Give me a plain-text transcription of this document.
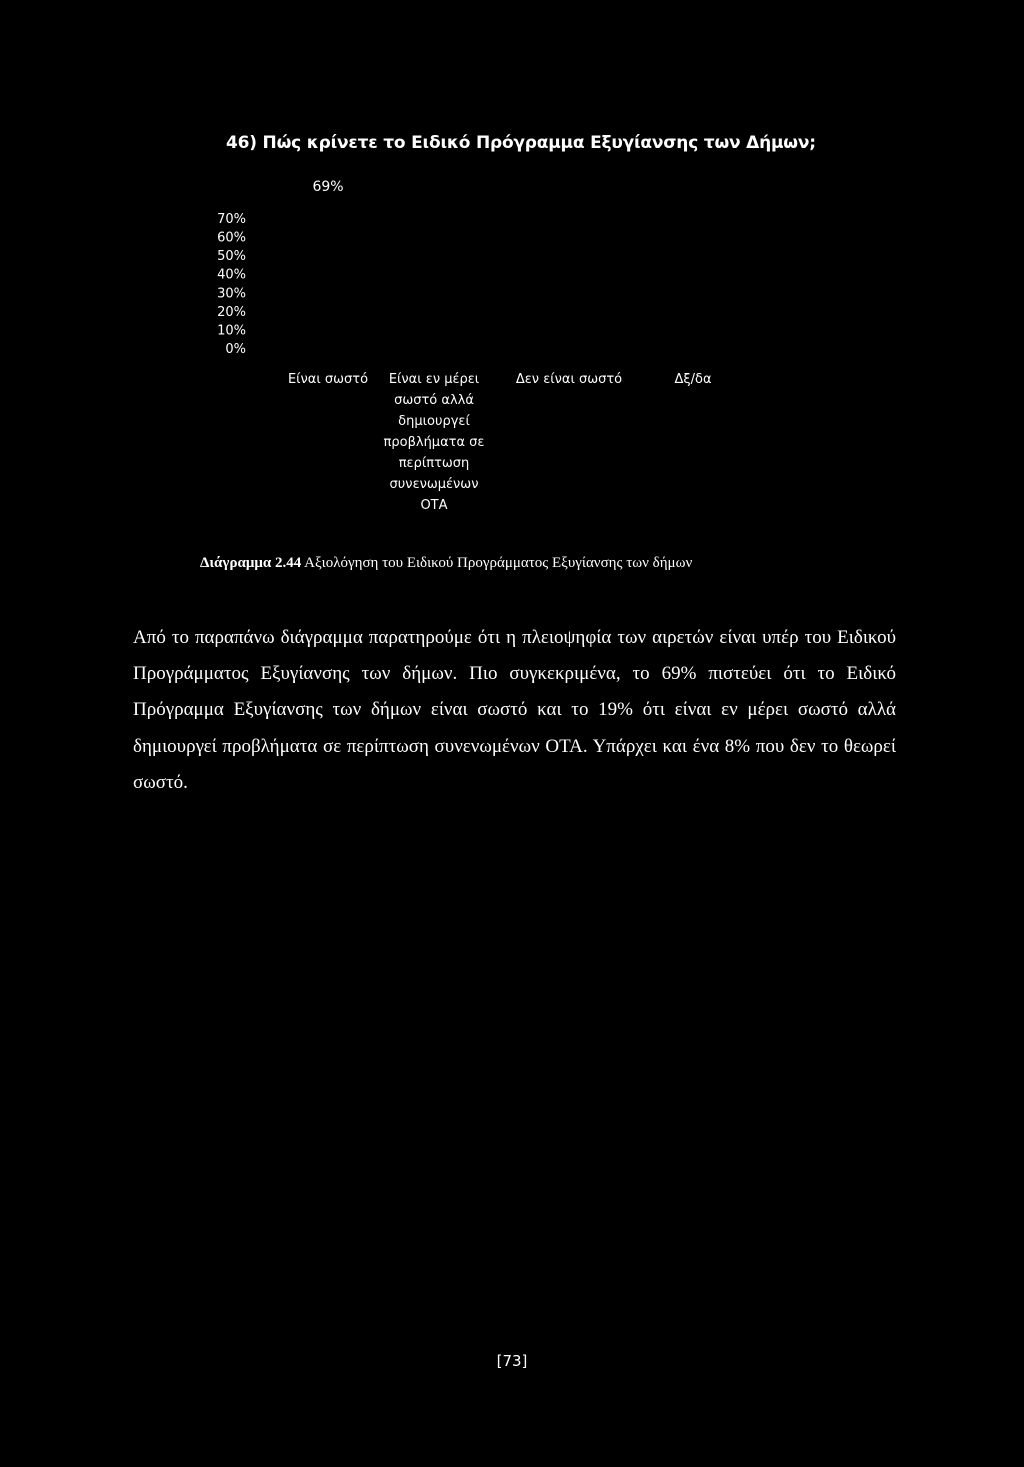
46) Πώς κρίνετε το Ειδικό Πρόγραμμα Εξυγίανσης των Δήμων;
70%
60%
50%
40%
30%
20%
10%
0%
69%
Είναι σωστό	Είναι εν μέρει σωστό αλλά δημιουργεί προβλήματα σε περίπτωση συνενωμένων ΟΤΑ
Δεν είναι σωστό	Δξ/δα
Διάγραμμα 2.44 Αξιολόγηση του Ειδικού Προγράμματος Εξυγίανσης των δήμων
Από το παραπάνω διάγραμμα παρατηρούμε ότι η πλειοψηφία των αιρετών είναι υπέρ του Ειδικού Προγράμματος Εξυγίανσης των δήμων. Πιο συγκεκριμένα, το 69% πιστεύει ότι το Ειδικό Πρόγραμμα Εξυγίανσης των δήμων είναι σωστό και το 19% ότι είναι εν μέρει σωστό αλλά δημιουργεί προβλήματα σε περίπτωση συνενωμένων ΟΤΑ. Υπάρχει και ένα 8% που δεν το θεωρεί σωστό.
[73]
